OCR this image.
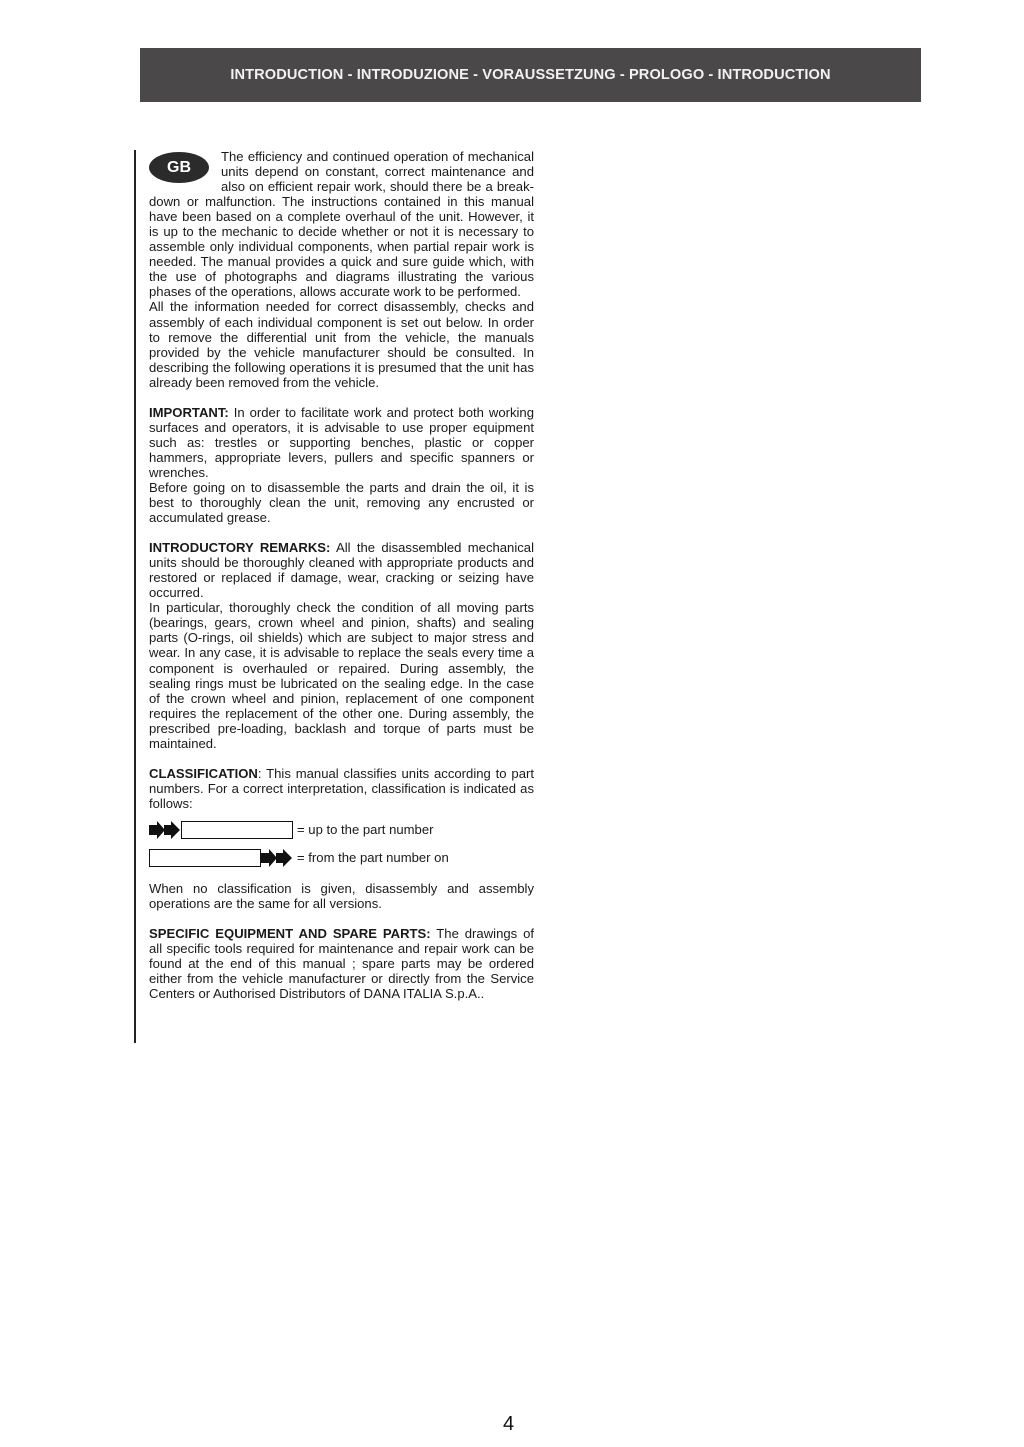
INTRODUCTION - INTRODUZIONE - VORAUSSETZUNG - PROLOGO - INTRODUCTION
GB

The efficiency and continued operation of mechanical units depend on constant, correct maintenance and also on efficient repair work, should there be a break-down or malfunction. The instructions contained in this manual have been based on a complete overhaul of the unit. However, it is up to the mechanic to decide whether or not it is necessary to assemble only individual components, when partial repair work is needed. The manual provides a quick and sure guide which, with the use of photographs and diagrams illustrating the various phases of the operations, allows accurate work to be performed.

All the information needed for correct disassembly, checks and assembly of each individual component is set out below. In order to remove the differential unit from the vehicle, the manuals provided by the vehicle manufacturer should be consulted. In describing the following operations it is presumed that the unit has already been removed from the vehicle.

IMPORTANT: In order to facilitate work and protect both working surfaces and operators, it is advisable to use proper equipment such as: trestles or supporting benches, plastic or copper hammers, appropriate levers, pullers and specific spanners or wrenches.

Before going on to disassemble the parts and drain the oil, it is best to thoroughly clean the unit, removing any encrusted or accumulated grease.

INTRODUCTORY REMARKS: All the disassembled mechanical units should be thoroughly cleaned with appropriate products and restored or replaced if damage, wear, cracking or seizing have occurred.

In particular, thoroughly check the condition of all moving parts (bearings, gears, crown wheel and pinion, shafts) and sealing parts (O-rings, oil shields) which are subject to major stress and wear. In any case, it is advisable to replace the seals every time a component is overhauled or repaired. During assembly, the sealing rings must be lubricated on the sealing edge. In the case of the crown wheel and pinion, replacement of one component requires the replacement of the other one. During assembly, the prescribed pre-loading, backlash and torque of parts must be maintained.

CLASSIFICATION: This manual classifies units according to part numbers. For a correct interpretation, classification is indicated as follows:

= up to the part number
= from the part number on

When no classification is given, disassembly and assembly operations are the same for all versions.

SPECIFIC EQUIPMENT AND SPARE PARTS: The drawings of all specific tools required for maintenance and repair work can be found at the end of this manual ; spare parts may be ordered either from the vehicle manufacturer or directly from the Service Centers or Authorised Distributors of DANA ITALIA S.p.A..

4
